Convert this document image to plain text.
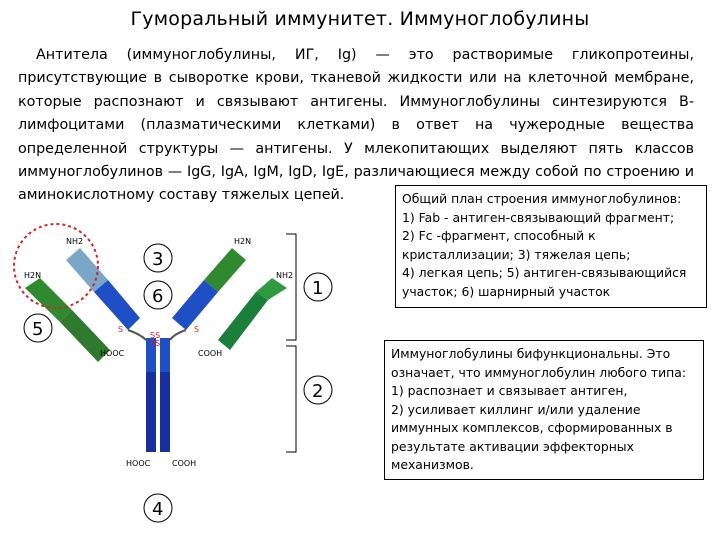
Гуморальный иммунитет. Иммуноглобулины

Антитела (иммуноглобулины, ИГ, Ig) — это растворимые гликопротеины, присутствующие в сыворотке крови, тканевой жидкости или на клеточной мембране, которые распознают и связывают антигены. Иммуноглобулины синтезируются В-лимфоцитами (плазматическими клетками) в ответ на чужеродные вещества определенной структуры — антигены. У млекопитающих выделяют пять классов иммуноглобулинов — IgG, IgA, IgM, IgD, IgE, различающиеся между собой по строению и аминокислотному составу тяжелых цепей.	Общий план строения иммуноглобулинов:
1) Fab - антиген-связывающий фрагмент;
2) Fc -фрагмент, способный к
кристаллизации; 3) тяжелая цепь;
4) легкая цепь; 5) антиген-связывающийся
участок; 6) шарнирный участок
Иммуноглобулины бифункциональны. Это
означает, что иммуноглобулин любого типа:
1) распознает и связывает антиген,
2) усиливает киллинг и/или удаление
иммунных комплексов, сформированных в
результате активации эффекторных
механизмов.
SS
SS
S	S
NH2
H2N
H2N
NH2
HOOC	COOH
HOOC	COOH
3
6
5
1
2
4
